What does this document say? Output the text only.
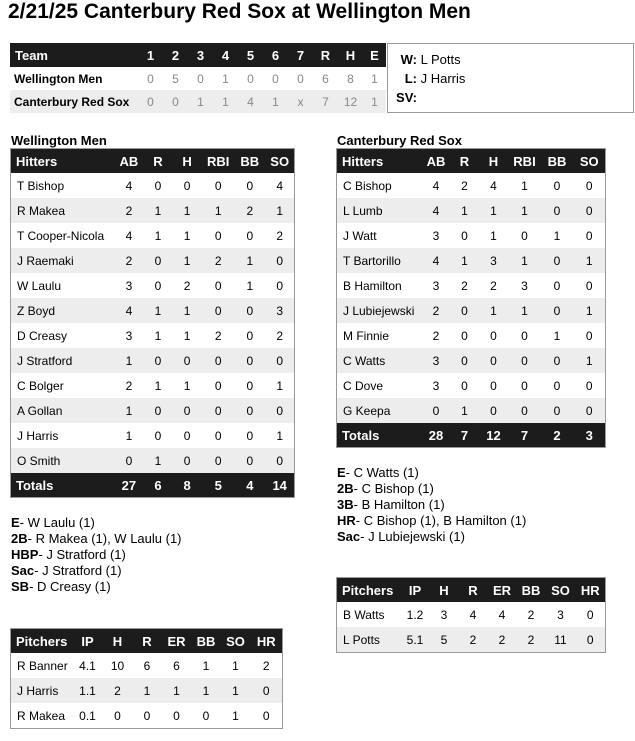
2/21/25 Canterbury Red Sox at Wellington Men
Team	1	2	3	4	5	6	7	R	H	E
Wellington Men	0	5	0	1	0	0	0	6	8	1
Canterbury Red Sox	0	0	1	1	4	1	x	7	12	1
W: L Potts
L: J Harris
SV:
Wellington Men
Hitters	AB	R	H	RBI	BB	SO
T Bishop	4	0	0	0	0	4
R Makea	2	1	1	1	2	1
T Cooper-Nicola	4	1	1	0	0	2
J Raemaki	2	0	1	2	1	0
W Laulu	3	0	2	0	1	0
Z Boyd	4	1	1	0	0	3
D Creasy	3	1	1	2	0	2
J Stratford	1	0	0	0	0	0
C Bolger	2	1	1	0	0	1
A Gollan	1	0	0	0	0	0
J Harris	1	0	0	0	0	1
O Smith	0	1	0	0	0	0
Totals	27	6	8	5	4	14
E- W Laulu (1)
2B- R Makea (1), W Laulu (1)
HBP- J Stratford (1)
Sac- J Stratford (1)
SB- D Creasy (1)
Pitchers	IP	H	R	ER	BB	SO	HR
R Banner	4.1	10	6	6	1	1	2
J Harris	1.1	2	1	1	1	1	0
R Makea	0.1	0	0	0	0	1	0
Canterbury Red Sox
Hitters	AB	R	H	RBI	BB	SO
C Bishop	4	2	4	1	0	0
L Lumb	4	1	1	1	0	0
J Watt	3	0	1	0	1	0
T Bartorillo	4	1	3	1	0	1
B Hamilton	3	2	2	3	0	0
J Lubiejewski	2	0	1	1	0	1
M Finnie	2	0	0	0	1	0
C Watts	3	0	0	0	0	1
C Dove	3	0	0	0	0	0
G Keepa	0	1	0	0	0	0
Totals	28	7	12	7	2	3
E- C Watts (1)
2B- C Bishop (1)
3B- B Hamilton (1)
HR- C Bishop (1), B Hamilton (1)
Sac- J Lubiejewski (1)
Pitchers	IP	H	R	ER	BB	SO	HR
B Watts	1.2	3	4	4	2	3	0
L Potts	5.1	5	2	2	2	11	0
